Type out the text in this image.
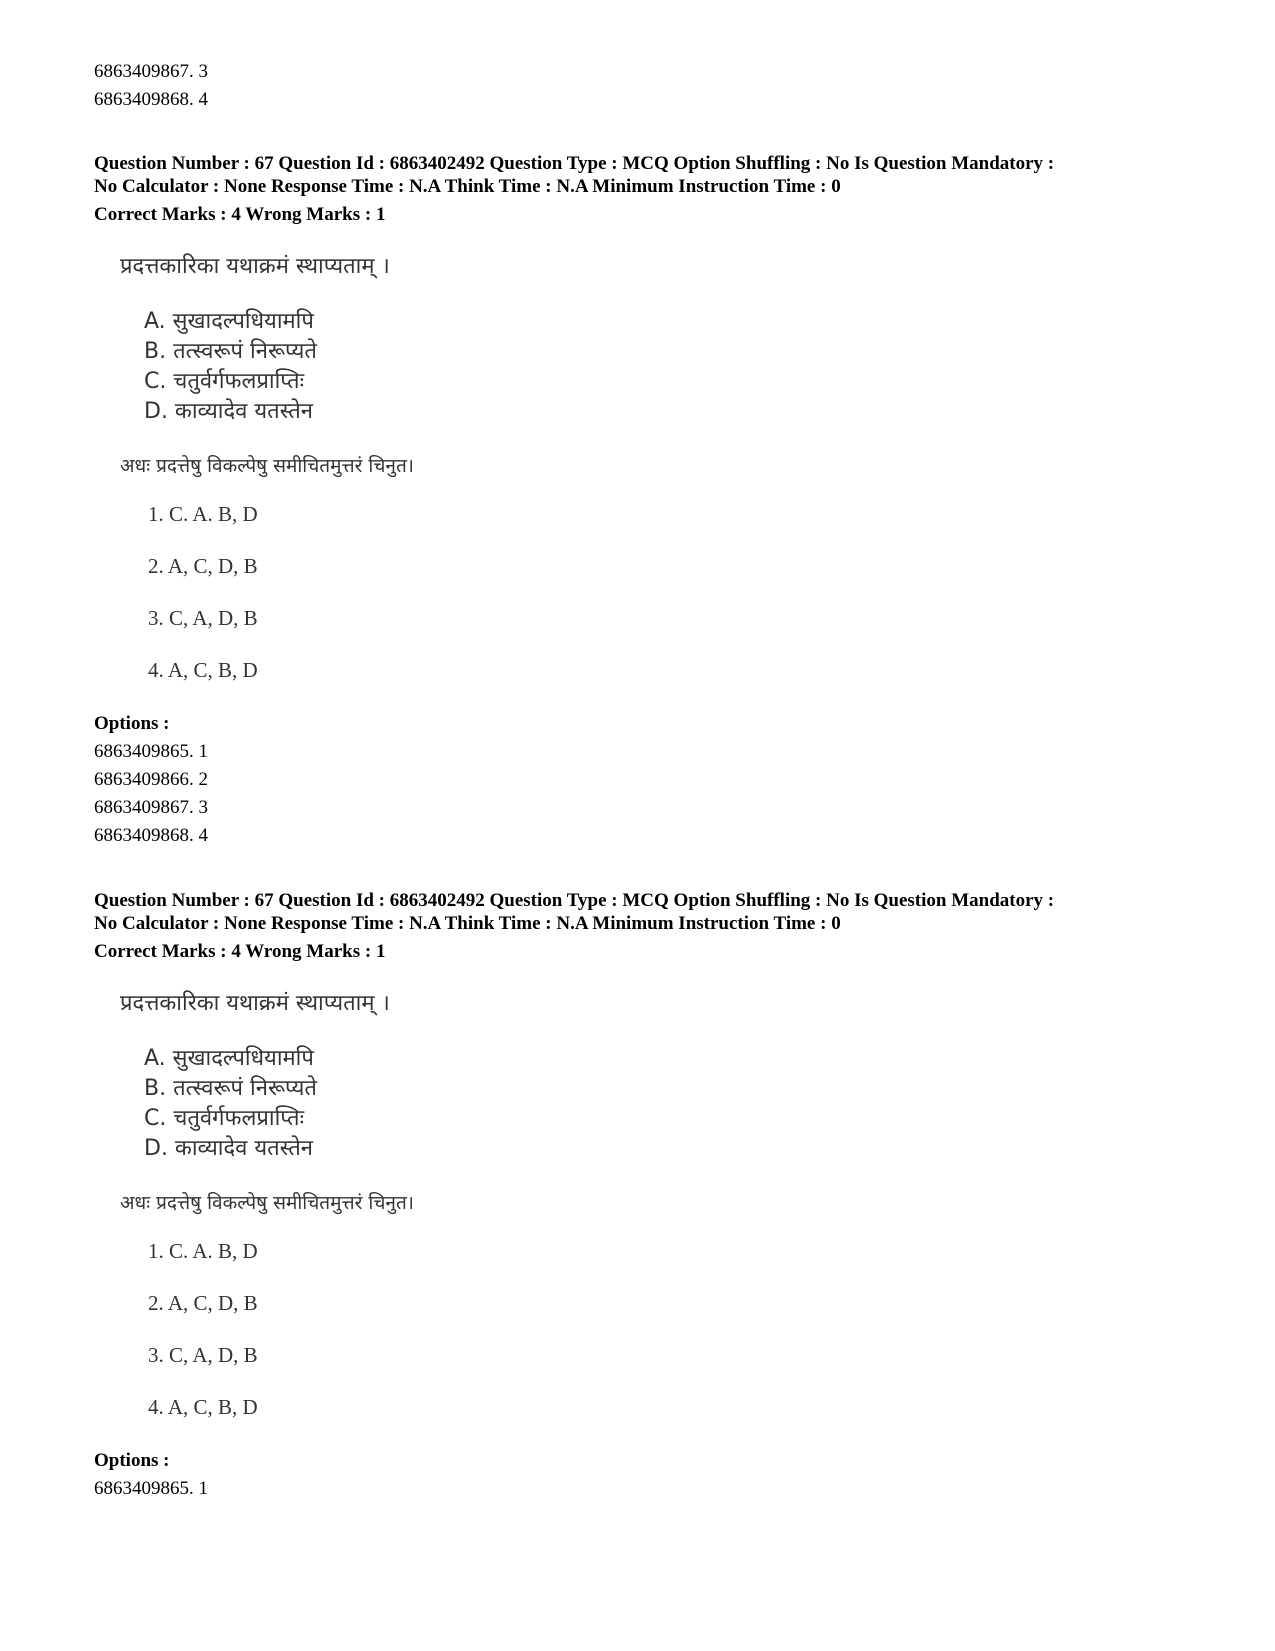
6863409867. 3
6863409868. 4
Question Number : 67 Question Id : 6863402492 Question Type : MCQ Option Shuffling : No Is Question Mandatory :
No Calculator : None Response Time : N.A Think Time : N.A Minimum Instruction Time : 0
Correct Marks : 4 Wrong Marks : 1
प्रदत्तकारिका यथाक्रमं स्थाप्यताम् ।
A. सुखादल्पधियामपि
B. तत्स्वरूपं निरूप्यते
C. चतुर्वर्गफलप्राप्तिः
D. काव्यादेव यतस्तेन
अधः प्रदत्तेषु विकल्पेषु समीचितमुत्तरं चिनुत।
1. C. A. B, D
2. A, C, D, B
3. C, A, D, B
4. A, C, B, D
Options :
6863409865. 1
6863409866. 2
6863409867. 3
6863409868. 4
Question Number : 67 Question Id : 6863402492 Question Type : MCQ Option Shuffling : No Is Question Mandatory :
No Calculator : None Response Time : N.A Think Time : N.A Minimum Instruction Time : 0
Correct Marks : 4 Wrong Marks : 1
प्रदत्तकारिका यथाक्रमं स्थाप्यताम् ।
A. सुखादल्पधियामपि
B. तत्स्वरूपं निरूप्यते
C. चतुर्वर्गफलप्राप्तिः
D. काव्यादेव यतस्तेन
अधः प्रदत्तेषु विकल्पेषु समीचितमुत्तरं चिनुत।
1. C. A. B, D
2. A, C, D, B
3. C, A, D, B
4. A, C, B, D
Options :
6863409865. 1
